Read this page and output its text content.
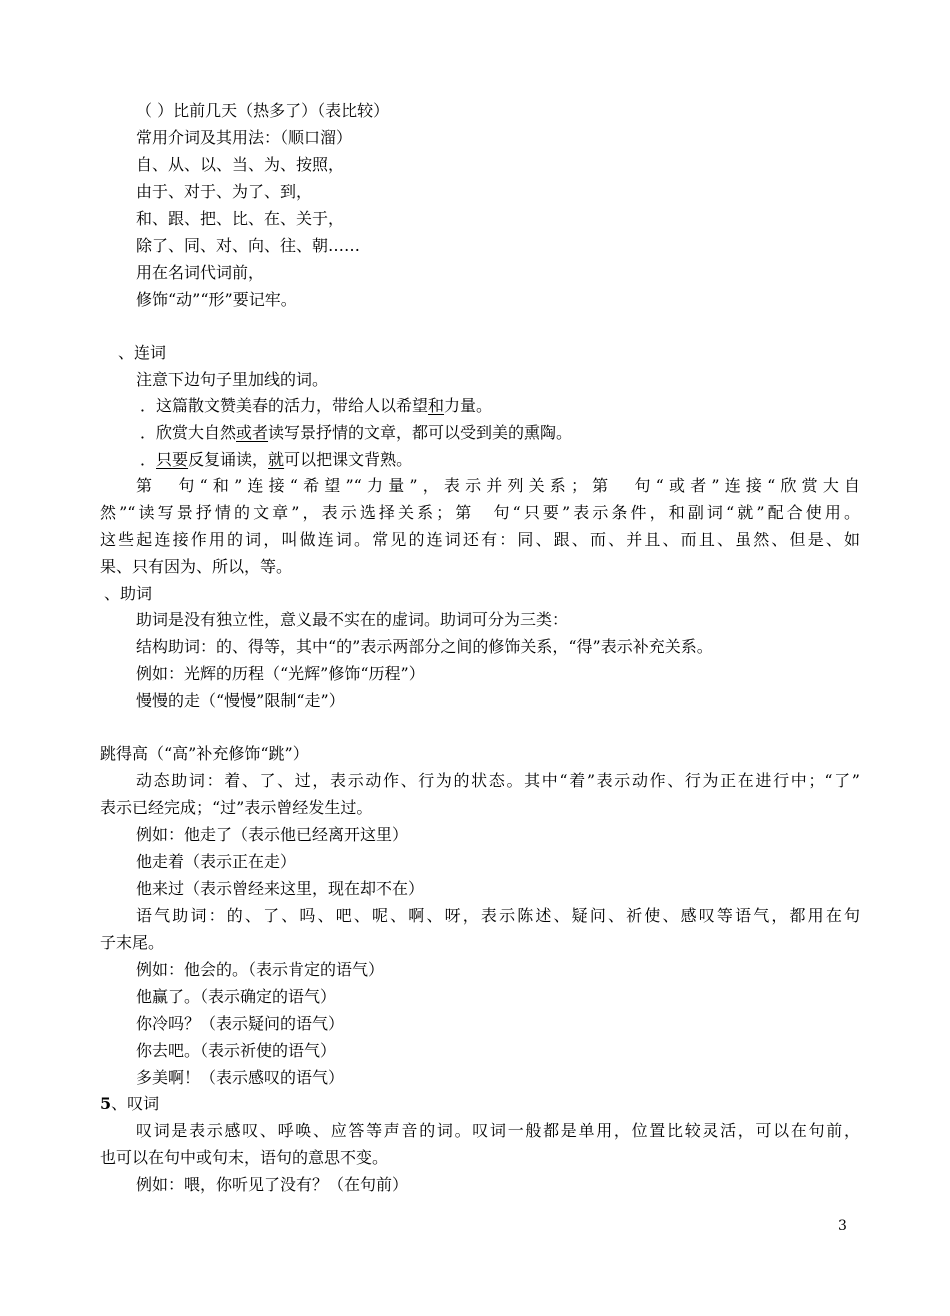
（ ）比前几天（热多了）（表比较）
常用介词及其用法：（顺口溜）
自、从、以、当、为、按照，
由于、对于、为了、到，
和、跟、把、比、在、关于，
除了、同、对、向、往、朝……
用在名词代词前，
修饰“动”“形”要记牢。
、连词
注意下边句子里加线的词。
．这篇散文赞美春的活力，带给人以希望和力量。
．欣赏大自然或者读写景抒情的文章，都可以受到美的熏陶。
．只要反复诵读，就可以把课文背熟。
第　句“和”连接“希望”“力量”，表示并列关系；第　句“或者”连接“欣赏大自
然”“读写景抒情的文章”，表示选择关系；第　句“只要”表示条件，和副词“就”配合使用。
这些起连接作用的词，叫做连词。常见的连词还有：同、跟、而、并且、而且、虽然、但是、如
果、只有因为、所以，等。
、助词
助词是没有独立性，意义最不实在的虚词。助词可分为三类：
结构助词：的、得等，其中“的”表示两部分之间的修饰关系，“得”表示补充关系。
例如：光辉的历程（“光辉”修饰“历程”）
慢慢的走（“慢慢”限制“走”）
跳得高（“高”补充修饰“跳”）
动态助词：着、了、过，表示动作、行为的状态。其中“着”表示动作、行为正在进行中；“了”
表示已经完成；“过”表示曾经发生过。
例如：他走了（表示他已经离开这里）
他走着（表示正在走）
他来过（表示曾经来这里，现在却不在）
语气助词：的、了、吗、吧、呢、啊、呀，表示陈述、疑问、祈使、感叹等语气，都用在句
子末尾。
例如：他会的。（表示肯定的语气）
他赢了。（表示确定的语气）
你冷吗？（表示疑问的语气）
你去吧。（表示祈使的语气）
多美啊！（表示感叹的语气）
5、叹词
叹词是表示感叹、呼唤、应答等声音的词。叹词一般都是单用，位置比较灵活，可以在句前，
也可以在句中或句末，语句的意思不变。
例如：喂，你听见了没有？（在句前）
3
